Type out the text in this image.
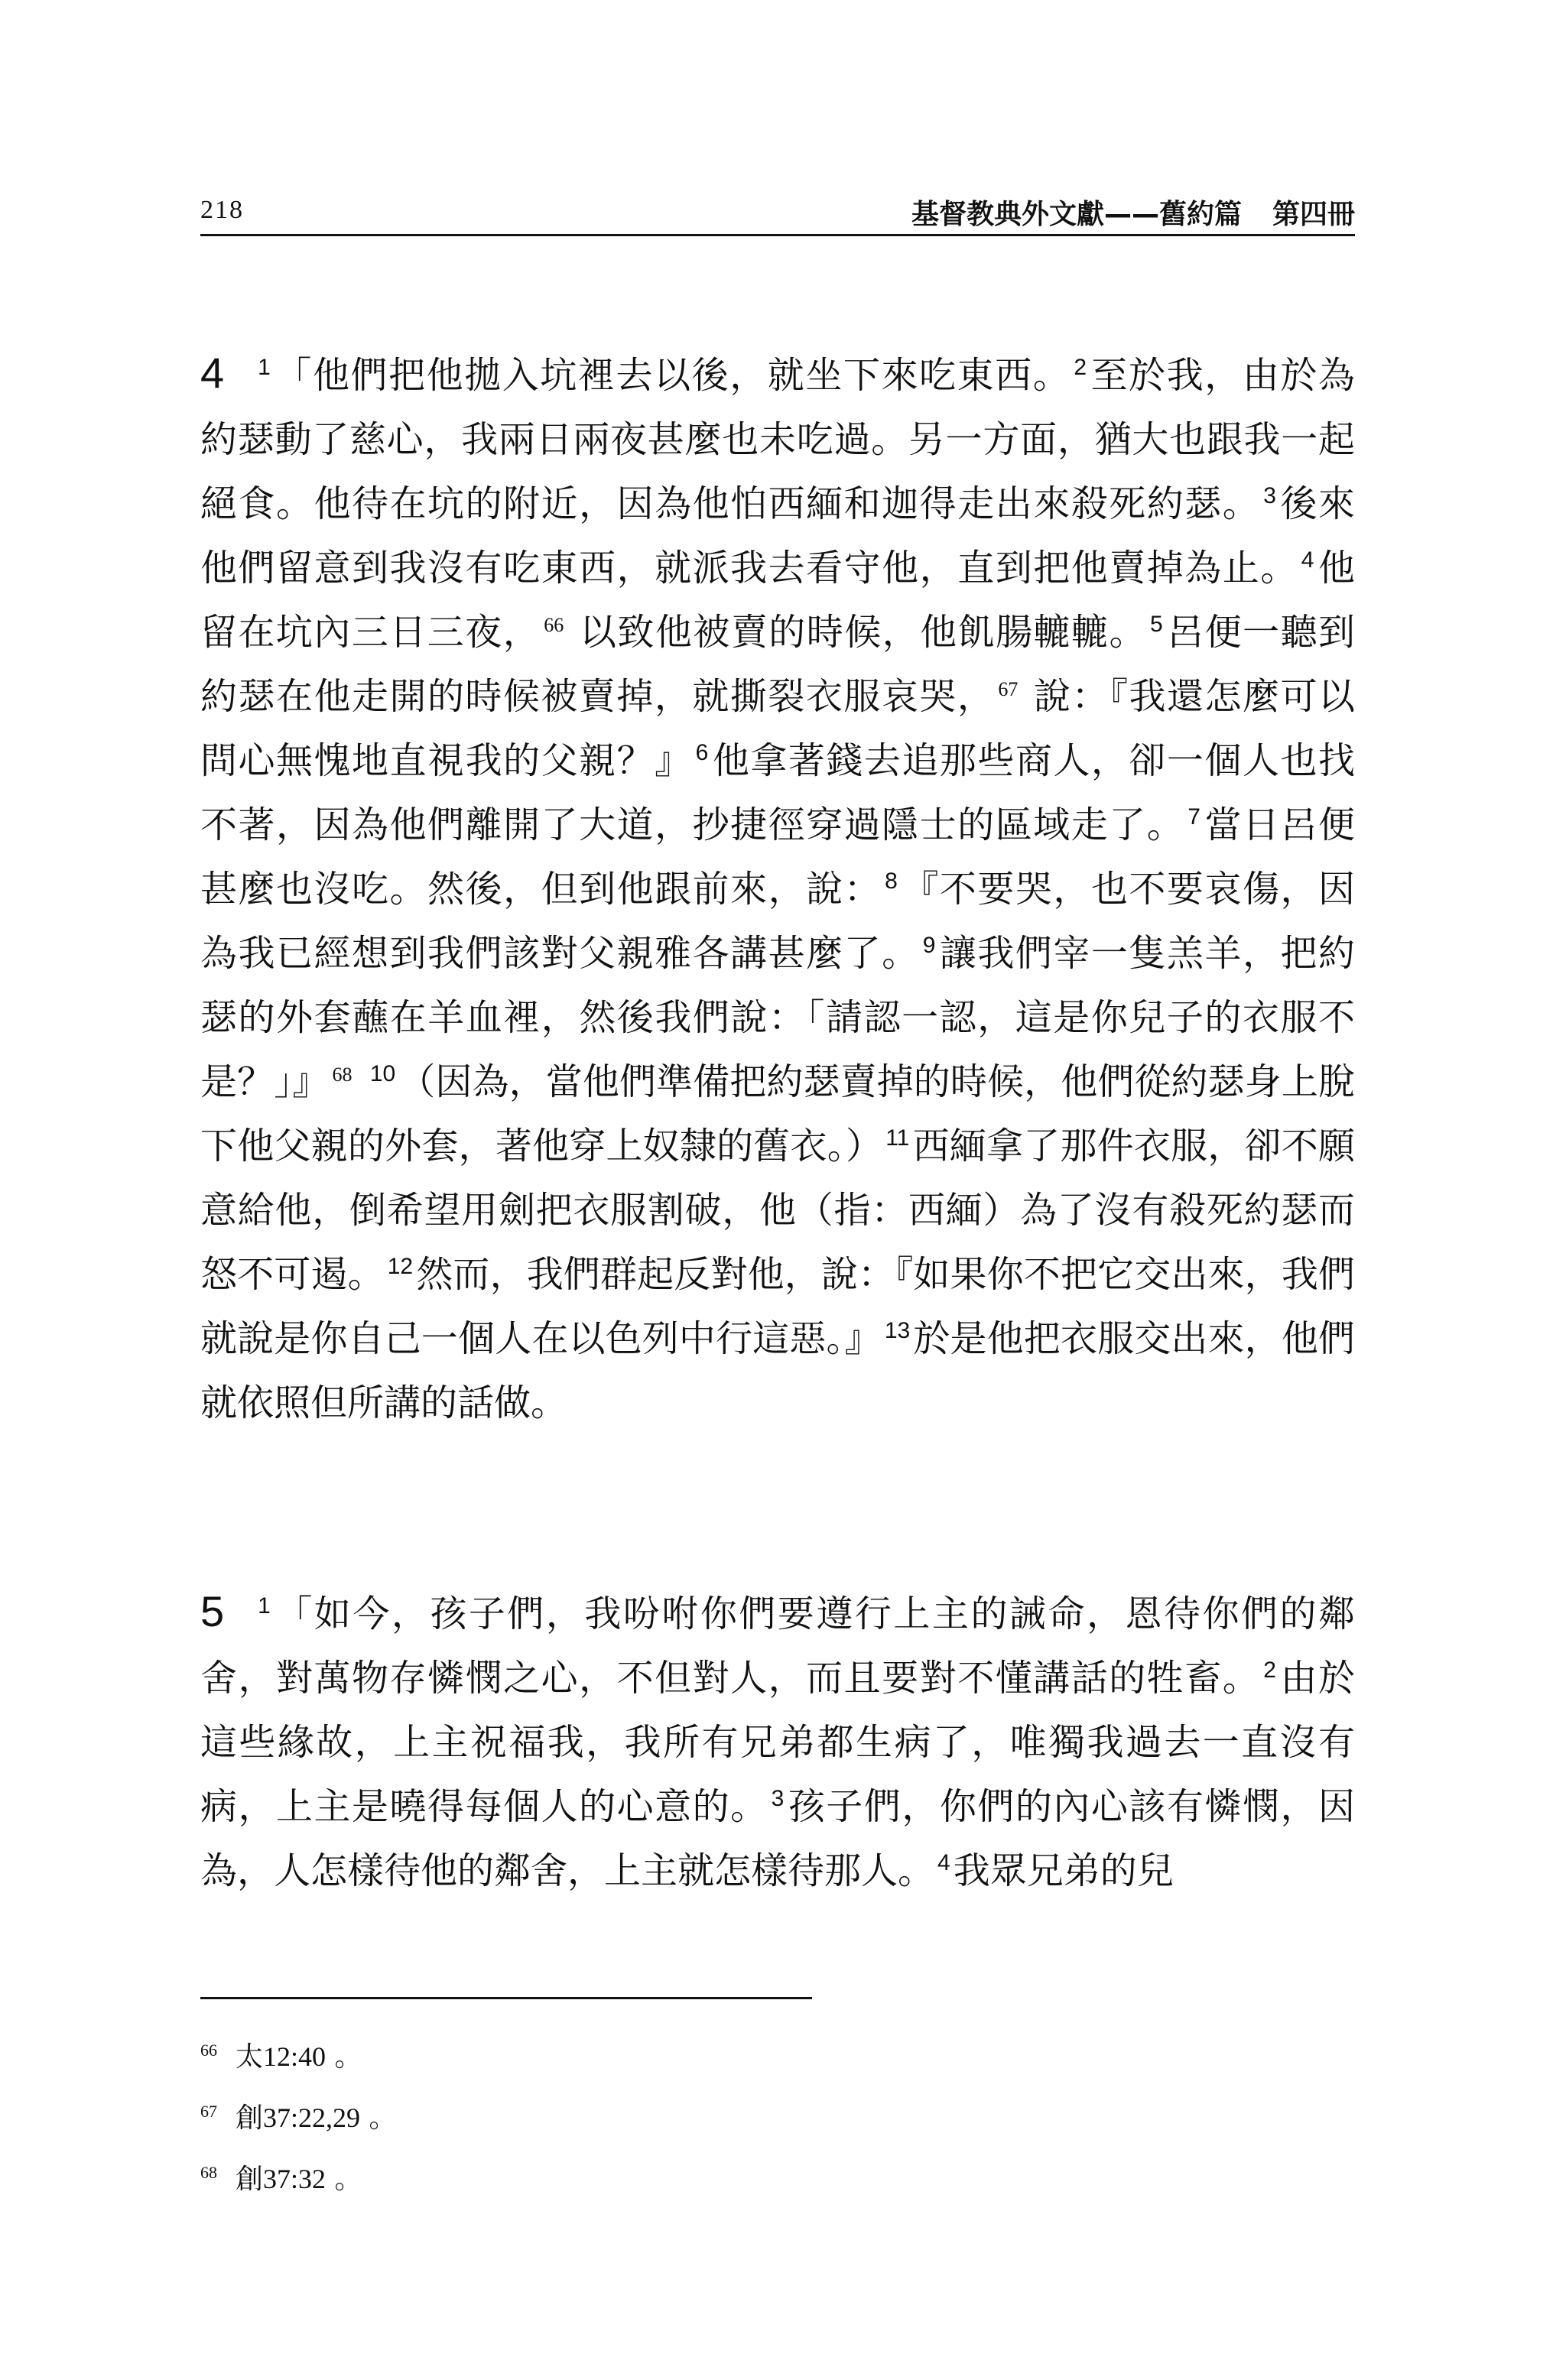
218	基督教典外文獻——舊約篇 第四冊

4 $^1$「他們把他拋入坑裡去以後，就坐下來吃東西。 $^2$至於我，由於為約瑟動了慈心，我兩日兩夜甚麼也未吃過。另一方面，猶大也跟我一起絕食。他待在坑的附近，因為他怕西緬和迦得走出來殺死約瑟。 $^3$後來他們留意到我沒有吃東西，就派我去看守他，直到把他賣掉為止。 $^4$他留在坑內三日三夜， $^{66}$ 以致他被賣的時候，他飢腸轆轆。 $^5$呂便一聽到約瑟在他走開的時候被賣掉，就撕裂衣服哀哭， $^{67}$ 說：『我還怎麼可以問心無愧地直視我的父親？』 $^6$他拿著錢去追那些商人，卻一個人也找不著，因為他們離開了大道，抄捷徑穿過隱士的區域走了。 $^7$當日呂便甚麼也沒吃。然後，但到他跟前來，說： $^8$『不要哭，也不要哀傷，因為我已經想到我們該對父親雅各講甚麼了。 $^9$讓我們宰一隻羔羊，把約瑟的外套蘸在羊血裡，然後我們說：「請認一認，這是你兒子的衣服不是？」』 $^{68}$ $^{10}$（因為，當他們準備把約瑟賣掉的時候，他們從約瑟身上脫下他父親的外套，著他穿上奴隸的舊衣。） $^{11}$西緬拿了那件衣服，卻不願意給他，倒希望用劍把衣服割破，他（指：西緬）為了沒有殺死約瑟而怒不可遏。 $^{12}$然而，我們群起反對他，說：『如果你不把它交出來，我們就說是你自己一個人在以色列中行這惡。』 $^{13}$於是他把衣服交出來，他們就依照但所講的話做。

5 $^1$「如今，孩子們，我吩咐你們要遵行上主的誡命，恩待你們的鄰舍，對萬物存憐憫之心，不但對人，而且要對不懂講話的牲畜。 $^2$由於這些緣故，上主祝福我，我所有兄弟都生病了，唯獨我過去一直沒有病，上主是曉得每個人的心意的。 $^3$孩子們，你們的內心該有憐憫，因為，人怎樣待他的鄰舍，上主就怎樣待那人。 $^4$我眾兄弟的兒

$^{66}$ 太12:40 。
$^{67}$ 創37:22,29 。
$^{68}$ 創37:32 。
